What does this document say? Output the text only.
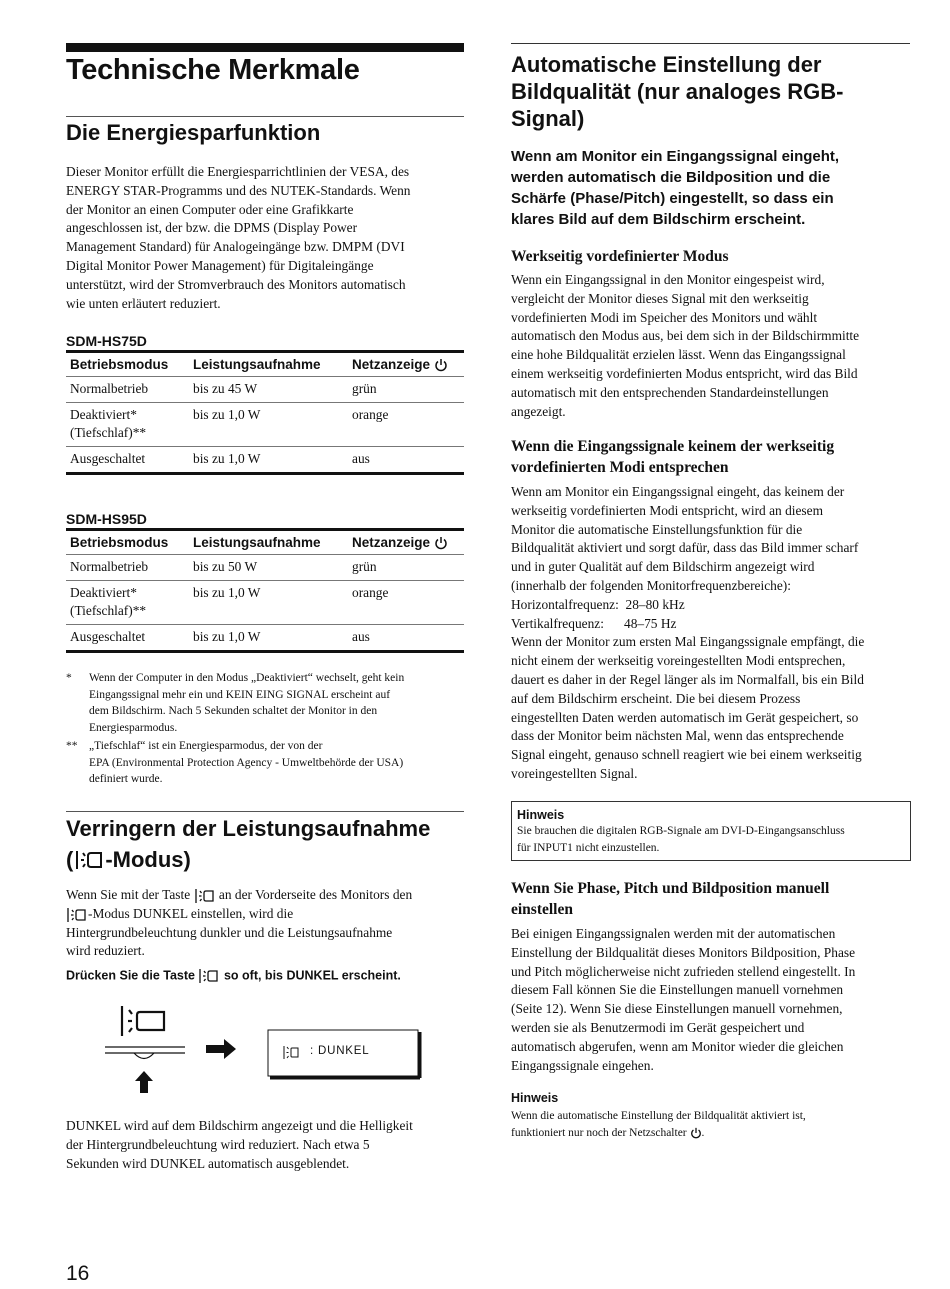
Technische Merkmale
Die Energiesparfunktion
Dieser Monitor erfüllt die Energiesparrichtlinien der VESA, des
ENERGY STAR-Programms und des NUTEK-Standards. Wenn
der Monitor an einen Computer oder eine Grafikkarte
angeschlossen ist, der bzw. die DPMS (Display Power
Management Standard) für Analogeingänge bzw. DMPM (DVI
Digital Monitor Power Management) für Digitaleingänge
unterstützt, wird der Stromverbrauch des Monitors automatisch
wie unten erläutert reduziert.
SDM-HS75D
Betriebsmodus	Leistungsaufnahme	Netzanzeige
Normalbetrieb	bis zu 45 W	grün
Deaktiviert*
(Tiefschlaf)**	bis zu 1,0 W	orange
Ausgeschaltet	bis zu 1,0 W	aus
SDM-HS95D
Betriebsmodus	Leistungsaufnahme	Netzanzeige
Normalbetrieb	bis zu 50 W	grün
Deaktiviert*
(Tiefschlaf)**	bis zu 1,0 W	orange
Ausgeschaltet	bis zu 1,0 W	aus
* Wenn der Computer in den Modus „Deaktiviert“ wechselt, geht kein
Eingangssignal mehr ein und KEIN EING SIGNAL erscheint auf
dem Bildschirm. Nach 5 Sekunden schaltet der Monitor in den
Energiesparmodus.
** „Tiefschlaf“ ist ein Energiesparmodus, der von der
EPA (Environmental Protection Agency - Umweltbehörde der USA)
definiert wurde.
Verringern der Leistungsaufnahme
( -Modus)
Wenn Sie mit der Taste an der Vorderseite des Monitors den
-Modus DUNKEL einstellen, wird die
Hintergrundbeleuchtung dunkler und die Leistungsaufnahme
wird reduziert.
Drücken Sie die Taste so oft, bis DUNKEL erscheint.
: DUNKEL
DUNKEL wird auf dem Bildschirm angezeigt und die Helligkeit
der Hintergrundbeleuchtung wird reduziert. Nach etwa 5
Sekunden wird DUNKEL automatisch ausgeblendet.
16
Automatische Einstellung der
Bildqualität (nur analoges RGB-
Signal)
Wenn am Monitor ein Eingangssignal eingeht,
werden automatisch die Bildposition und die
Schärfe (Phase/Pitch) eingestellt, so dass ein
klares Bild auf dem Bildschirm erscheint.
Werkseitig vordefinierter Modus
Wenn ein Eingangssignal in den Monitor eingespeist wird,
vergleicht der Monitor dieses Signal mit den werkseitig
vordefinierten Modi im Speicher des Monitors und wählt
automatisch den Modus aus, bei dem sich in der Bildschirmmitte
eine hohe Bildqualität erzielen lässt. Wenn das Eingangssignal
einem werkseitig vordefinierten Modus entspricht, wird das Bild
automatisch mit den entsprechenden Standardeinstellungen
angezeigt.
Wenn die Eingangssignale keinem der werkseitig
vordefinierten Modi entsprechen
Wenn am Monitor ein Eingangssignal eingeht, das keinem der
werkseitig vordefinierten Modi entspricht, wird an diesem
Monitor die automatische Einstellungsfunktion für die
Bildqualität aktiviert und sorgt dafür, dass das Bild immer scharf
und in guter Qualität auf dem Bildschirm angezeigt wird
(innerhalb der folgenden Monitorfrequenzbereiche):
Horizontalfrequenz:  28–80 kHz
Vertikalfrequenz:      48–75 Hz
Wenn der Monitor zum ersten Mal Eingangssignale empfängt, die
nicht einem der werkseitig voreingestellten Modi entsprechen,
dauert es daher in der Regel länger als im Normalfall, bis ein Bild
auf dem Bildschirm erscheint. Die bei diesem Prozess
eingestellten Daten werden automatisch im Gerät gespeichert, so
dass der Monitor beim nächsten Mal, wenn das entsprechende
Signal eingeht, genauso schnell reagiert wie bei einem werkseitig
voreingestellten Signal.
Hinweis
Sie brauchen die digitalen RGB-Signale am DVI-D-Eingangsanschluss
für INPUT1 nicht einzustellen.
Wenn Sie Phase, Pitch und Bildposition manuell
einstellen
Bei einigen Eingangssignalen werden mit der automatischen
Einstellung der Bildqualität dieses Monitors Bildposition, Phase
und Pitch möglicherweise nicht zufrieden stellend eingestellt. In
diesem Fall können Sie die Einstellungen manuell vornehmen
(Seite 12). Wenn Sie diese Einstellungen manuell vornehmen,
werden sie als Benutzermodi im Gerät gespeichert und
automatisch abgerufen, wenn am Monitor wieder die gleichen
Eingangssignale eingehen.
Hinweis
Wenn die automatische Einstellung der Bildqualität aktiviert ist,
funktioniert nur noch der Netzschalter .
